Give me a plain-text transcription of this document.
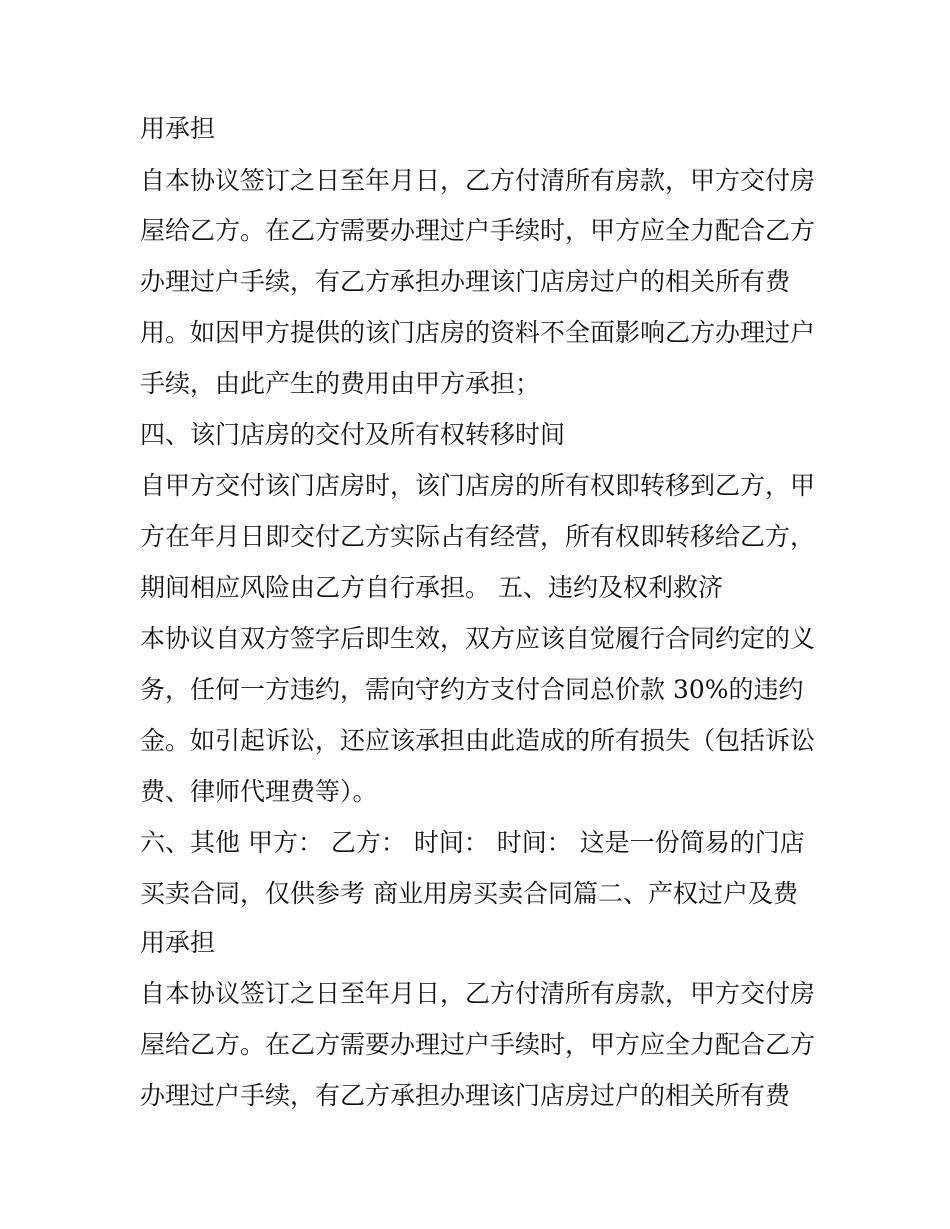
用承担
自本协议签订之日至年月日，乙方付清所有房款，甲方交付房
屋给乙方。在乙方需要办理过户手续时，甲方应全力配合乙方
办理过户手续，有乙方承担办理该门店房过户的相关所有费
用。如因甲方提供的该门店房的资料不全面影响乙方办理过户
手续，由此产生的费用由甲方承担；
四、该门店房的交付及所有权转移时间
自甲方交付该门店房时，该门店房的所有权即转移到乙方，甲
方在年月日即交付乙方实际占有经营，所有权即转移给乙方，
期间相应风险由乙方自行承担。 五、违约及权利救济
本协议自双方签字后即生效，双方应该自觉履行合同约定的义
务，任何一方违约，需向守约方支付合同总价款 30%的违约
金。如引起诉讼，还应该承担由此造成的所有损失（包括诉讼
费、律师代理费等）。
六、其他 甲方： 乙方： 时间： 时间： 这是一份简易的门店
买卖合同，仅供参考 商业用房买卖合同篇二、产权过户及费
用承担
自本协议签订之日至年月日，乙方付清所有房款，甲方交付房
屋给乙方。在乙方需要办理过户手续时，甲方应全力配合乙方
办理过户手续，有乙方承担办理该门店房过户的相关所有费
